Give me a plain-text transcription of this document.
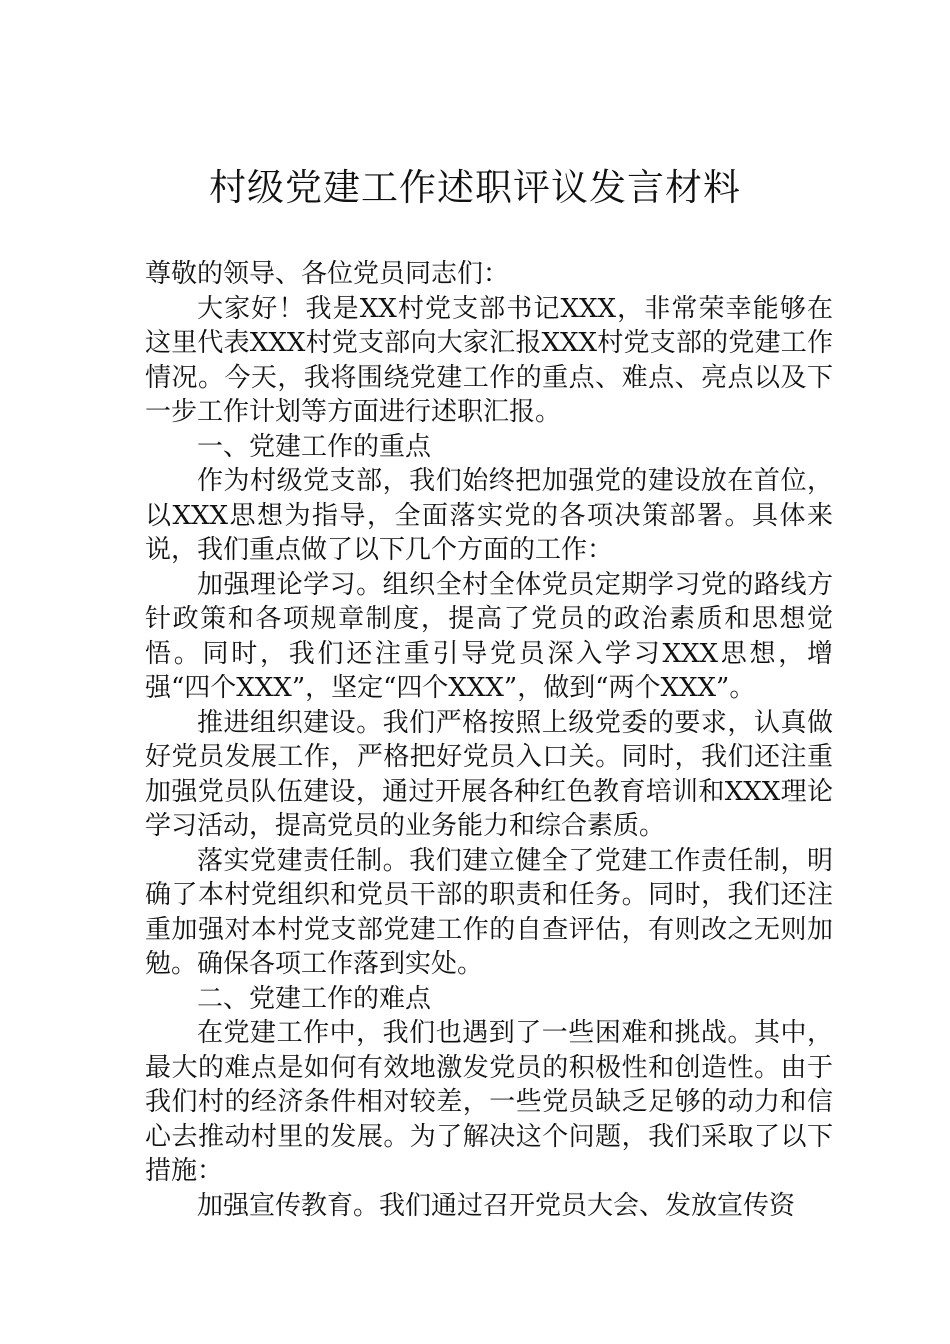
村级党建工作述职评议发言材料

尊敬的领导、各位党员同志们：

大家好！我是XX村党支部书记XXX，非常荣幸能够在这里代表XXX村党支部向大家汇报XXX村党支部的党建工作情况。今天，我将围绕党建工作的重点、难点、亮点以及下一步工作计划等方面进行述职汇报。

一、党建工作的重点

作为村级党支部，我们始终把加强党的建设放在首位，以XXX思想为指导，全面落实党的各项决策部署。具体来说，我们重点做了以下几个方面的工作：

加强理论学习。组织全村全体党员定期学习党的路线方针政策和各项规章制度，提高了党员的政治素质和思想觉悟。同时，我们还注重引导党员深入学习XXX思想，增强“四个XXX”，坚定“四个XXX”，做到“两个XXX”。

推进组织建设。我们严格按照上级党委的要求，认真做好党员发展工作，严格把好党员入口关。同时，我们还注重加强党员队伍建设，通过开展各种红色教育培训和XXX理论学习活动，提高党员的业务能力和综合素质。

落实党建责任制。我们建立健全了党建工作责任制，明确了本村党组织和党员干部的职责和任务。同时，我们还注重加强对本村党支部党建工作的自查评估，有则改之无则加勉。确保各项工作落到实处。

二、党建工作的难点

在党建工作中，我们也遇到了一些困难和挑战。其中，最大的难点是如何有效地激发党员的积极性和创造性。由于我们村的经济条件相对较差，一些党员缺乏足够的动力和信心去推动村里的发展。为了解决这个问题，我们采取了以下措施：

加强宣传教育。我们通过召开党员大会、发放宣传资
